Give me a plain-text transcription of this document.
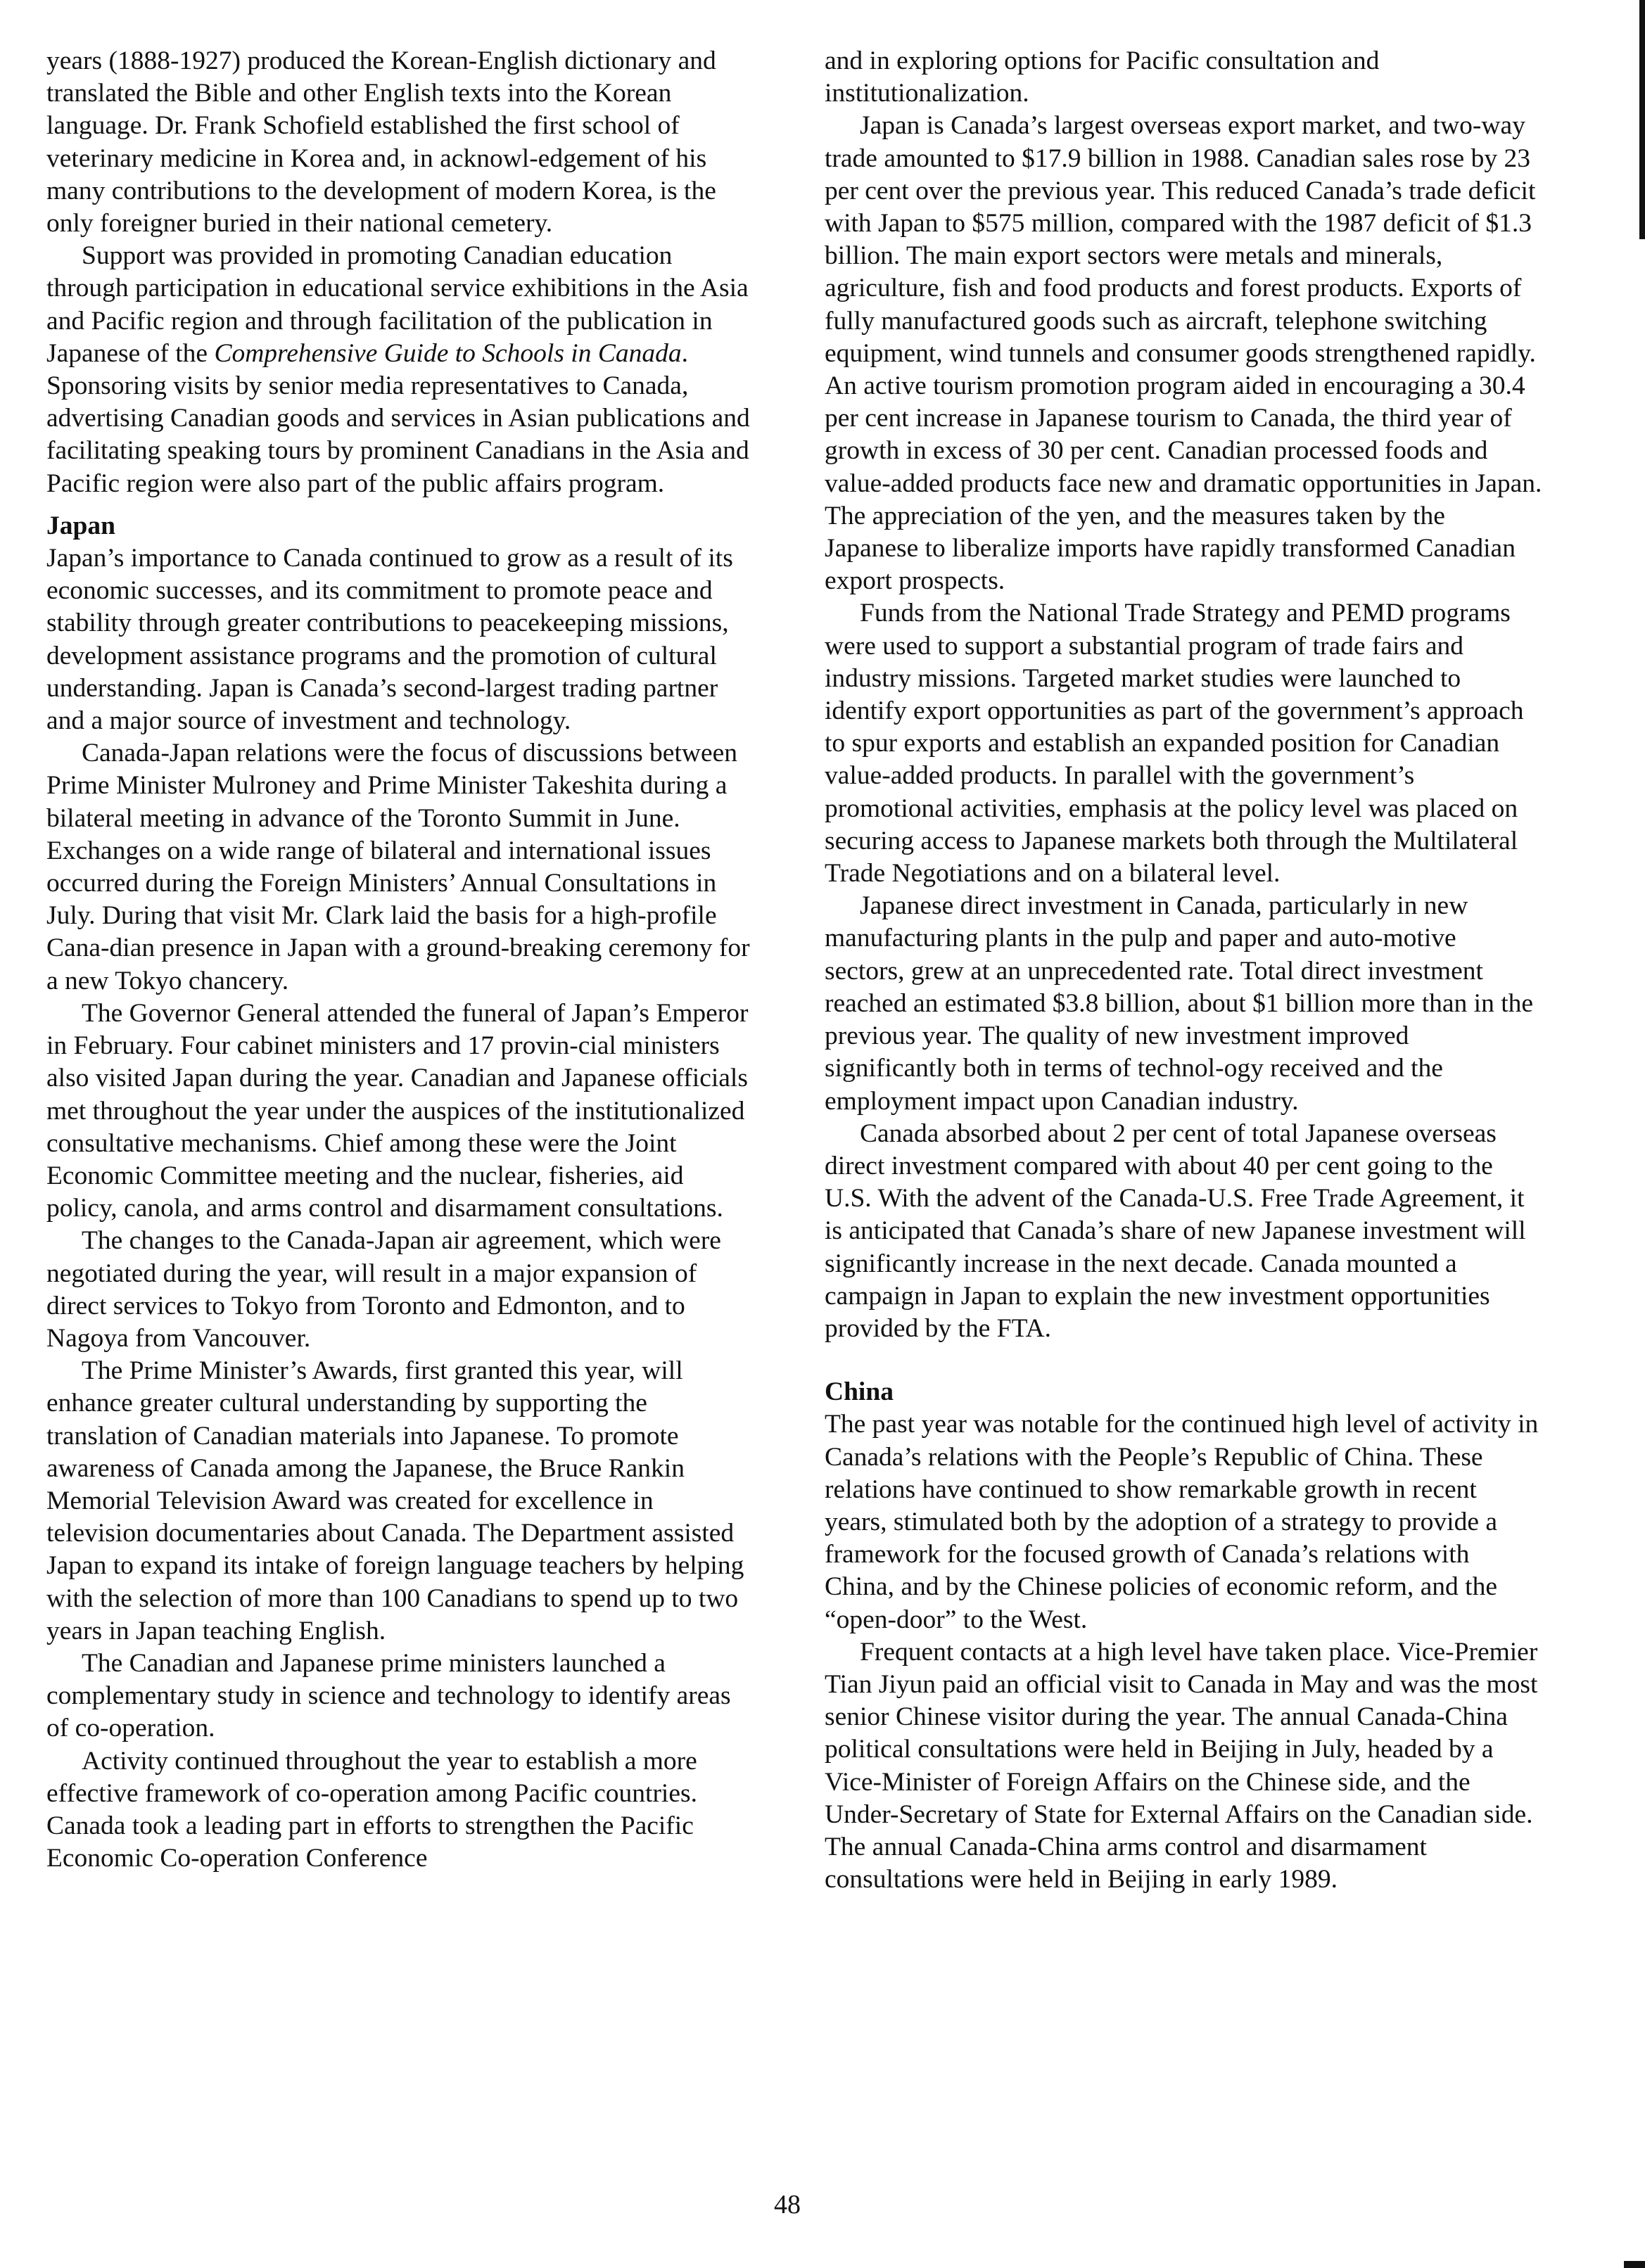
years (1888-1927) produced the Korean-English dictionary and translated the Bible and other English texts into the Korean language. Dr. Frank Schofield established the first school of veterinary medicine in Korea and, in acknowl-edgement of his many contributions to the development of modern Korea, is the only foreigner buried in their national cemetery.

Support was provided in promoting Canadian education through participation in educational service exhibitions in the Asia and Pacific region and through facilitation of the publication in Japanese of the Comprehensive Guide to Schools in Canada. Sponsoring visits by senior media representatives to Canada, advertising Canadian goods and services in Asian publications and facilitating speaking tours by prominent Canadians in the Asia and Pacific region were also part of the public affairs program.

Japan

Japan’s importance to Canada continued to grow as a result of its economic successes, and its commitment to promote peace and stability through greater contributions to peacekeeping missions, development assistance programs and the promotion of cultural understanding. Japan is Canada’s second-largest trading partner and a major source of investment and technology.

Canada-Japan relations were the focus of discussions between Prime Minister Mulroney and Prime Minister Takeshita during a bilateral meeting in advance of the Toronto Summit in June. Exchanges on a wide range of bilateral and international issues occurred during the Foreign Ministers’ Annual Consultations in July. During that visit Mr. Clark laid the basis for a high-profile Cana-dian presence in Japan with a ground-breaking ceremony for a new Tokyo chancery.

The Governor General attended the funeral of Japan’s Emperor in February. Four cabinet ministers and 17 provin-cial ministers also visited Japan during the year. Canadian and Japanese officials met throughout the year under the auspices of the institutionalized consultative mechanisms. Chief among these were the Joint Economic Committee meeting and the nuclear, fisheries, aid policy, canola, and arms control and disarmament consultations.

The changes to the Canada-Japan air agreement, which were negotiated during the year, will result in a major expansion of direct services to Tokyo from Toronto and Edmonton, and to Nagoya from Vancouver.

The Prime Minister’s Awards, first granted this year, will enhance greater cultural understanding by supporting the translation of Canadian materials into Japanese. To promote awareness of Canada among the Japanese, the Bruce Rankin Memorial Television Award was created for excellence in television documentaries about Canada. The Department assisted Japan to expand its intake of foreign language teachers by helping with the selection of more than 100 Canadians to spend up to two years in Japan teaching English.

The Canadian and Japanese prime ministers launched a complementary study in science and technology to identify areas of co-operation.

Activity continued throughout the year to establish a more effective framework of co-operation among Pacific countries. Canada took a leading part in efforts to strengthen the Pacific Economic Co-operation Conference

and in exploring options for Pacific consultation and institutionalization.

Japan is Canada’s largest overseas export market, and two-way trade amounted to $17.9 billion in 1988. Canadian sales rose by 23 per cent over the previous year. This reduced Canada’s trade deficit with Japan to $575 million, compared with the 1987 deficit of $1.3 billion. The main export sectors were metals and minerals, agriculture, fish and food products and forest products. Exports of fully manufactured goods such as aircraft, telephone switching equipment, wind tunnels and consumer goods strengthened rapidly. An active tourism promotion program aided in encouraging a 30.4 per cent increase in Japanese tourism to Canada, the third year of growth in excess of 30 per cent. Canadian processed foods and value-added products face new and dramatic opportunities in Japan. The appreciation of the yen, and the measures taken by the Japanese to liberalize imports have rapidly transformed Canadian export prospects.

Funds from the National Trade Strategy and PEMD programs were used to support a substantial program of trade fairs and industry missions. Targeted market studies were launched to identify export opportunities as part of the government’s approach to spur exports and establish an expanded position for Canadian value-added products. In parallel with the government’s promotional activities, emphasis at the policy level was placed on securing access to Japanese markets both through the Multilateral Trade Negotiations and on a bilateral level.

Japanese direct investment in Canada, particularly in new manufacturing plants in the pulp and paper and auto-motive sectors, grew at an unprecedented rate. Total direct investment reached an estimated $3.8 billion, about $1 billion more than in the previous year. The quality of new investment improved significantly both in terms of technol-ogy received and the employment impact upon Canadian industry.

Canada absorbed about 2 per cent of total Japanese overseas direct investment compared with about 40 per cent going to the U.S. With the advent of the Canada-U.S. Free Trade Agreement, it is anticipated that Canada’s share of new Japanese investment will significantly increase in the next decade. Canada mounted a campaign in Japan to explain the new investment opportunities provided by the FTA.

China

The past year was notable for the continued high level of activity in Canada’s relations with the People’s Republic of China. These relations have continued to show remarkable growth in recent years, stimulated both by the adoption of a strategy to provide a framework for the focused growth of Canada’s relations with China, and by the Chinese policies of economic reform, and the “open-door” to the West.

Frequent contacts at a high level have taken place. Vice-Premier Tian Jiyun paid an official visit to Canada in May and was the most senior Chinese visitor during the year. The annual Canada-China political consultations were held in Beijing in July, headed by a Vice-Minister of Foreign Affairs on the Chinese side, and the Under-Secretary of State for External Affairs on the Canadian side. The annual Canada-China arms control and disarmament consultations were held in Beijing in early 1989.

48
